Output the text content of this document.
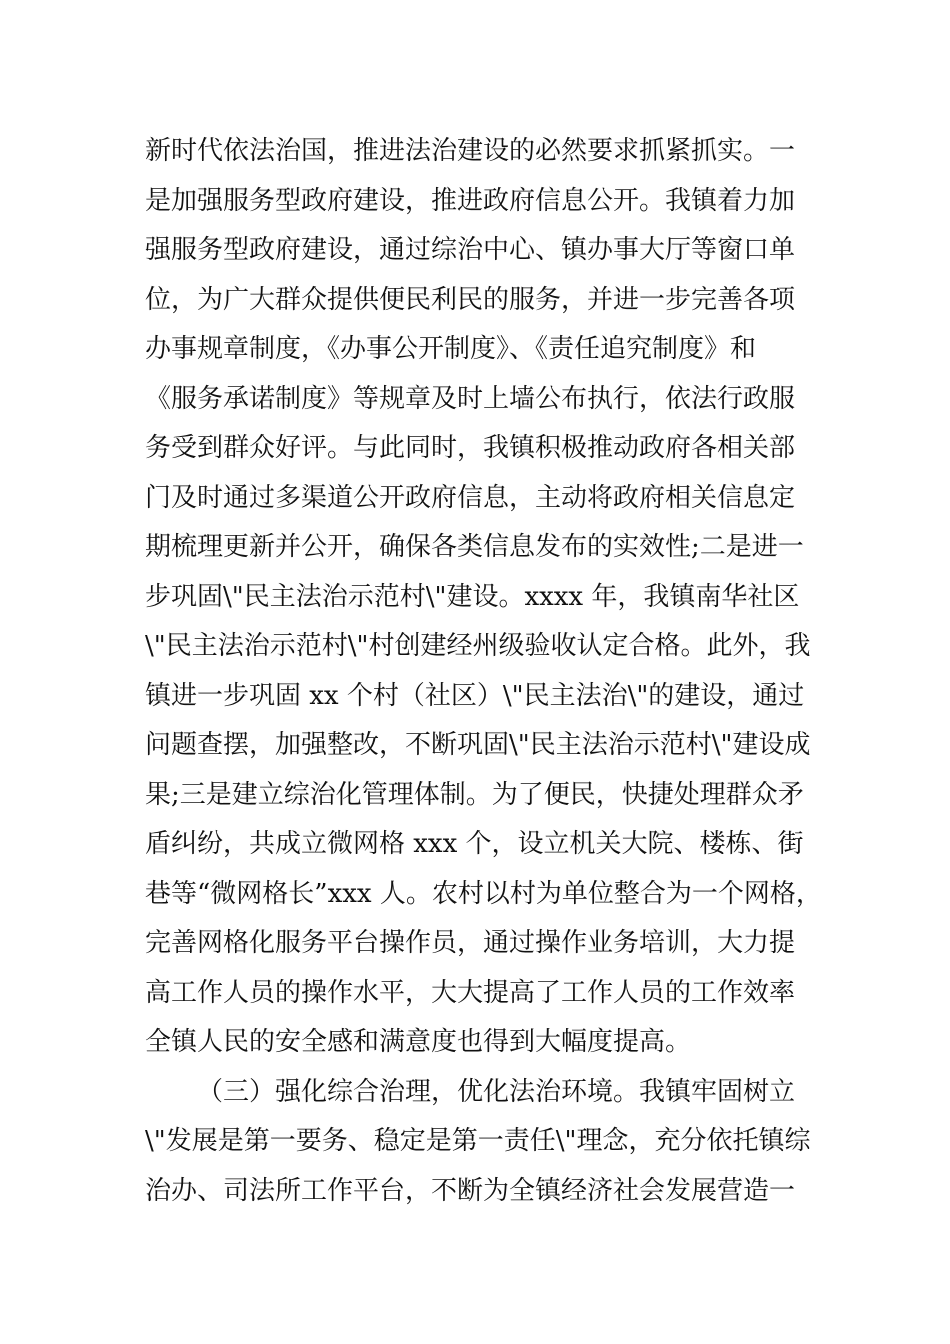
新时代依法治国，推进法治建设的必然要求抓紧抓实。一
是加强服务型政府建设，推进政府信息公开。我镇着力加
强服务型政府建设，通过综治中心、镇办事大厅等窗口单
位，为广大群众提供便民利民的服务，并进一步完善各项
办事规章制度，《办事公开制度》、《责任追究制度》和
《服务承诺制度》等规章及时上墙公布执行，依法行政服
务受到群众好评。与此同时，我镇积极推动政府各相关部
门及时通过多渠道公开政府信息，主动将政府相关信息定
期梳理更新并公开，确保各类信息发布的实效性;二是进一
步巩固\"民主法治示范村\"建设。xxxx 年，我镇南华社区
\"民主法治示范村\"村创建经州级验收认定合格。此外，我
镇进一步巩固 xx 个村（社区）\"民主法治\"的建设，通过
问题查摆，加强整改，不断巩固\"民主法治示范村\"建设成
果;三是建立综治化管理体制。为了便民，快捷处理群众矛
盾纠纷，共成立微网格 xxx 个，设立机关大院、楼栋、街
巷等“微网格长”xxx 人。农村以村为单位整合为一个网格，
完善网格化服务平台操作员，通过操作业务培训，大力提
高工作人员的操作水平，大大提高了工作人员的工作效率
全镇人民的安全感和满意度也得到大幅度提高。
（三）强化综合治理，优化法治环境。我镇牢固树立
\"发展是第一要务、稳定是第一责任\"理念，充分依托镇综
治办、司法所工作平台，不断为全镇经济社会发展营造一
